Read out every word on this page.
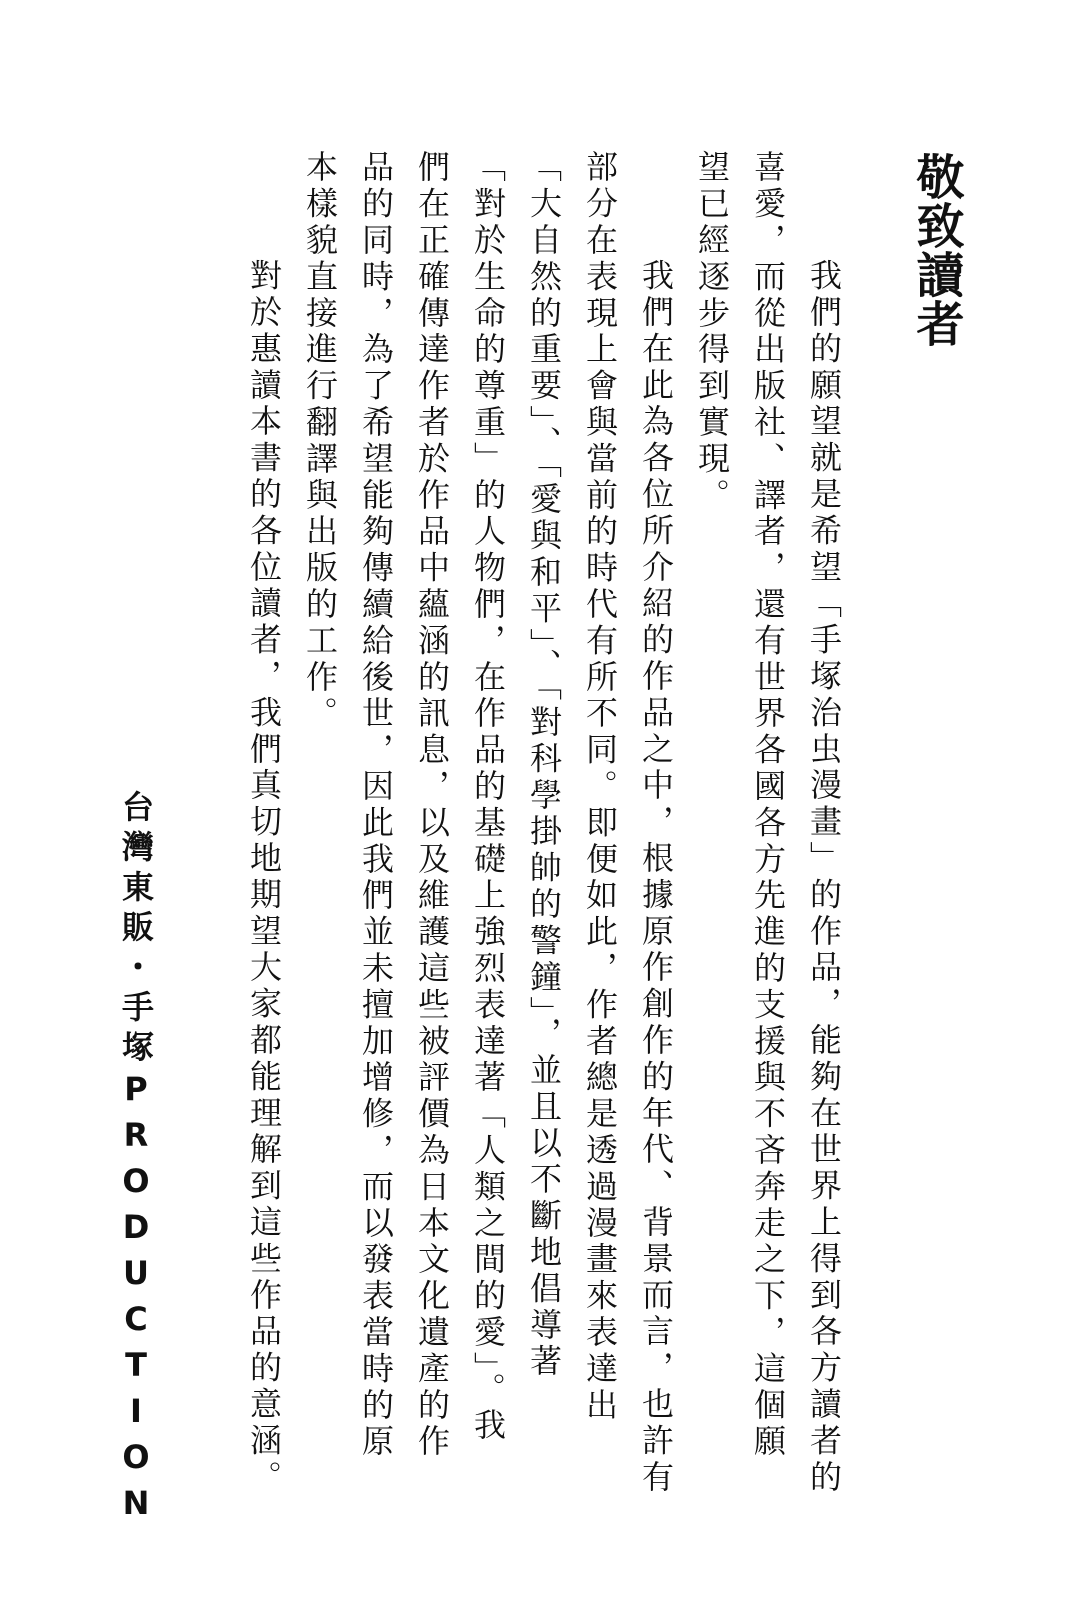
敬致讀者
　我們的願望就是希望「手塚治虫漫畫」的作品，能夠在世界上得到各方讀者的
喜愛，而從出版社、譯者，還有世界各國各方先進的支援與不吝奔走之下，這個願
望已經逐步得到實現。
　我們在此為各位所介紹的作品之中，根據原作創作的年代、背景而言，也許有
部分在表現上會與當前的時代有所不同。即便如此，作者總是透過漫畫來表達出
「大自然的重要」、「愛與和平」、「對科學掛帥的警鐘」，並且以不斷地倡導著
「對於生命的尊重」的人物們，在作品的基礎上強烈表達著「人類之間的愛」。我
們在正確傳達作者於作品中蘊涵的訊息，以及維護這些被評價為日本文化遺產的作
品的同時，為了希望能夠傳續給後世，因此我們並未擅加增修，而以發表當時的原
本樣貌直接進行翻譯與出版的工作。
　對於惠讀本書的各位讀者，我們真切地期望大家都能理解到這些作品的意涵。
台灣東販・手塚PRODUCTION
